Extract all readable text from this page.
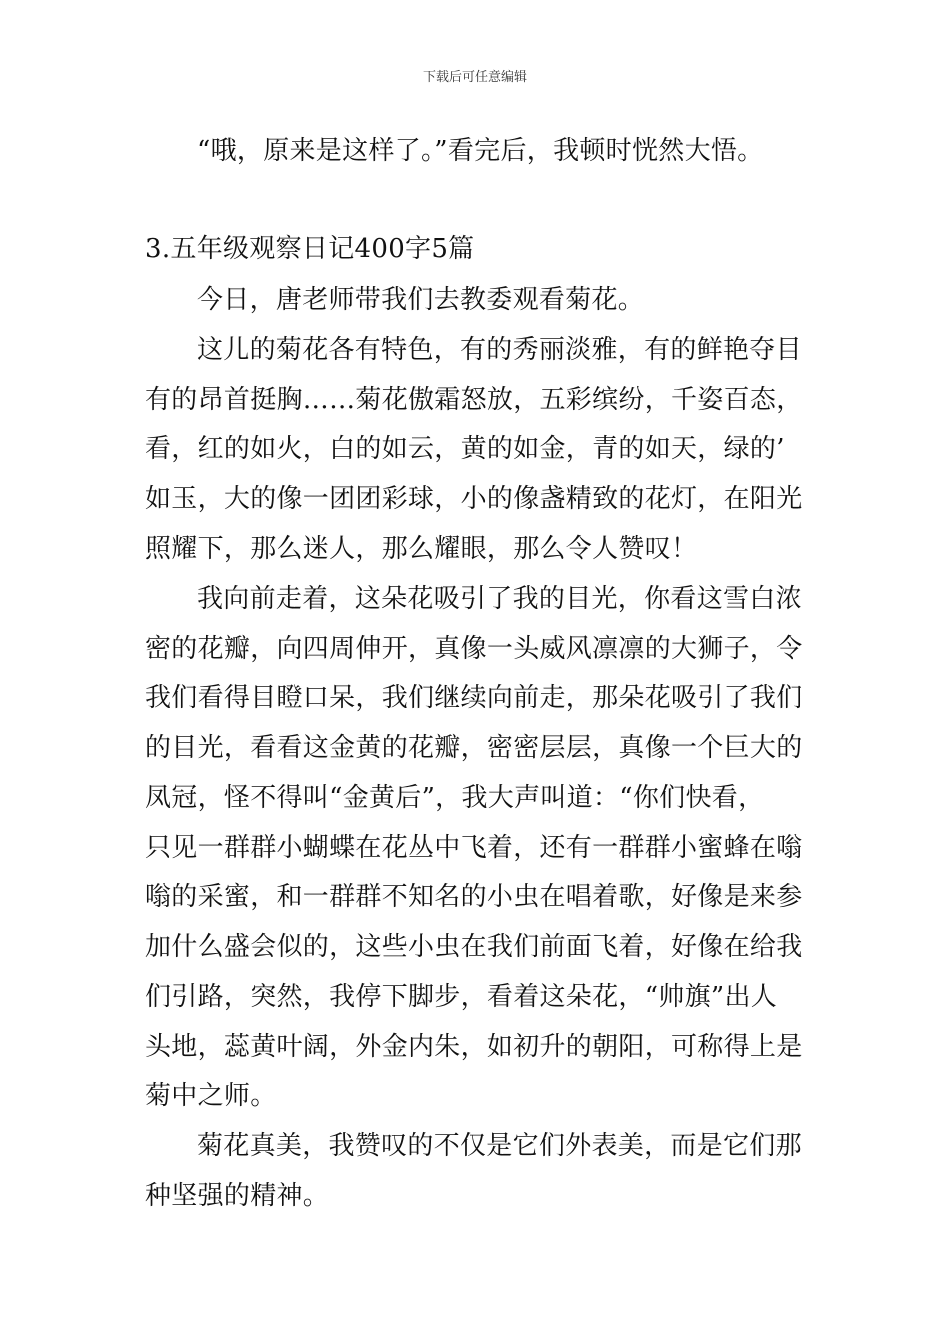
下载后可任意编辑
“哦，原来是这样了。”看完后，我顿时恍然大悟。
3.五年级观察日记400字5篇
今日，唐老师带我们去教委观看菊花。
这儿的菊花各有特色，有的秀丽淡雅，有的鲜艳夺目
有的昂首挺胸……菊花傲霜怒放，五彩缤纷，千姿百态，
看，红的如火，白的如云，黄的如金，青的如天，绿的’
如玉，大的像一团团彩球，小的像盏精致的花灯，在阳光
照耀下，那么迷人，那么耀眼，那么令人赞叹！
我向前走着，这朵花吸引了我的目光，你看这雪白浓
密的花瓣，向四周伸开，真像一头威风凛凛的大狮子，令
我们看得目瞪口呆，我们继续向前走，那朵花吸引了我们
的目光，看看这金黄的花瓣，密密层层，真像一个巨大的
凤冠，怪不得叫“金黄后”，我大声叫道：“你们快看，
只见一群群小蝴蝶在花丛中飞着，还有一群群小蜜蜂在嗡
嗡的采蜜，和一群群不知名的小虫在唱着歌，好像是来参
加什么盛会似的，这些小虫在我们前面飞着，好像在给我
们引路，突然，我停下脚步，看着这朵花，“帅旗”出人
头地，蕊黄叶阔，外金内朱，如初升的朝阳，可称得上是
菊中之师。
菊花真美，我赞叹的不仅是它们外表美，而是它们那
种坚强的精神。
